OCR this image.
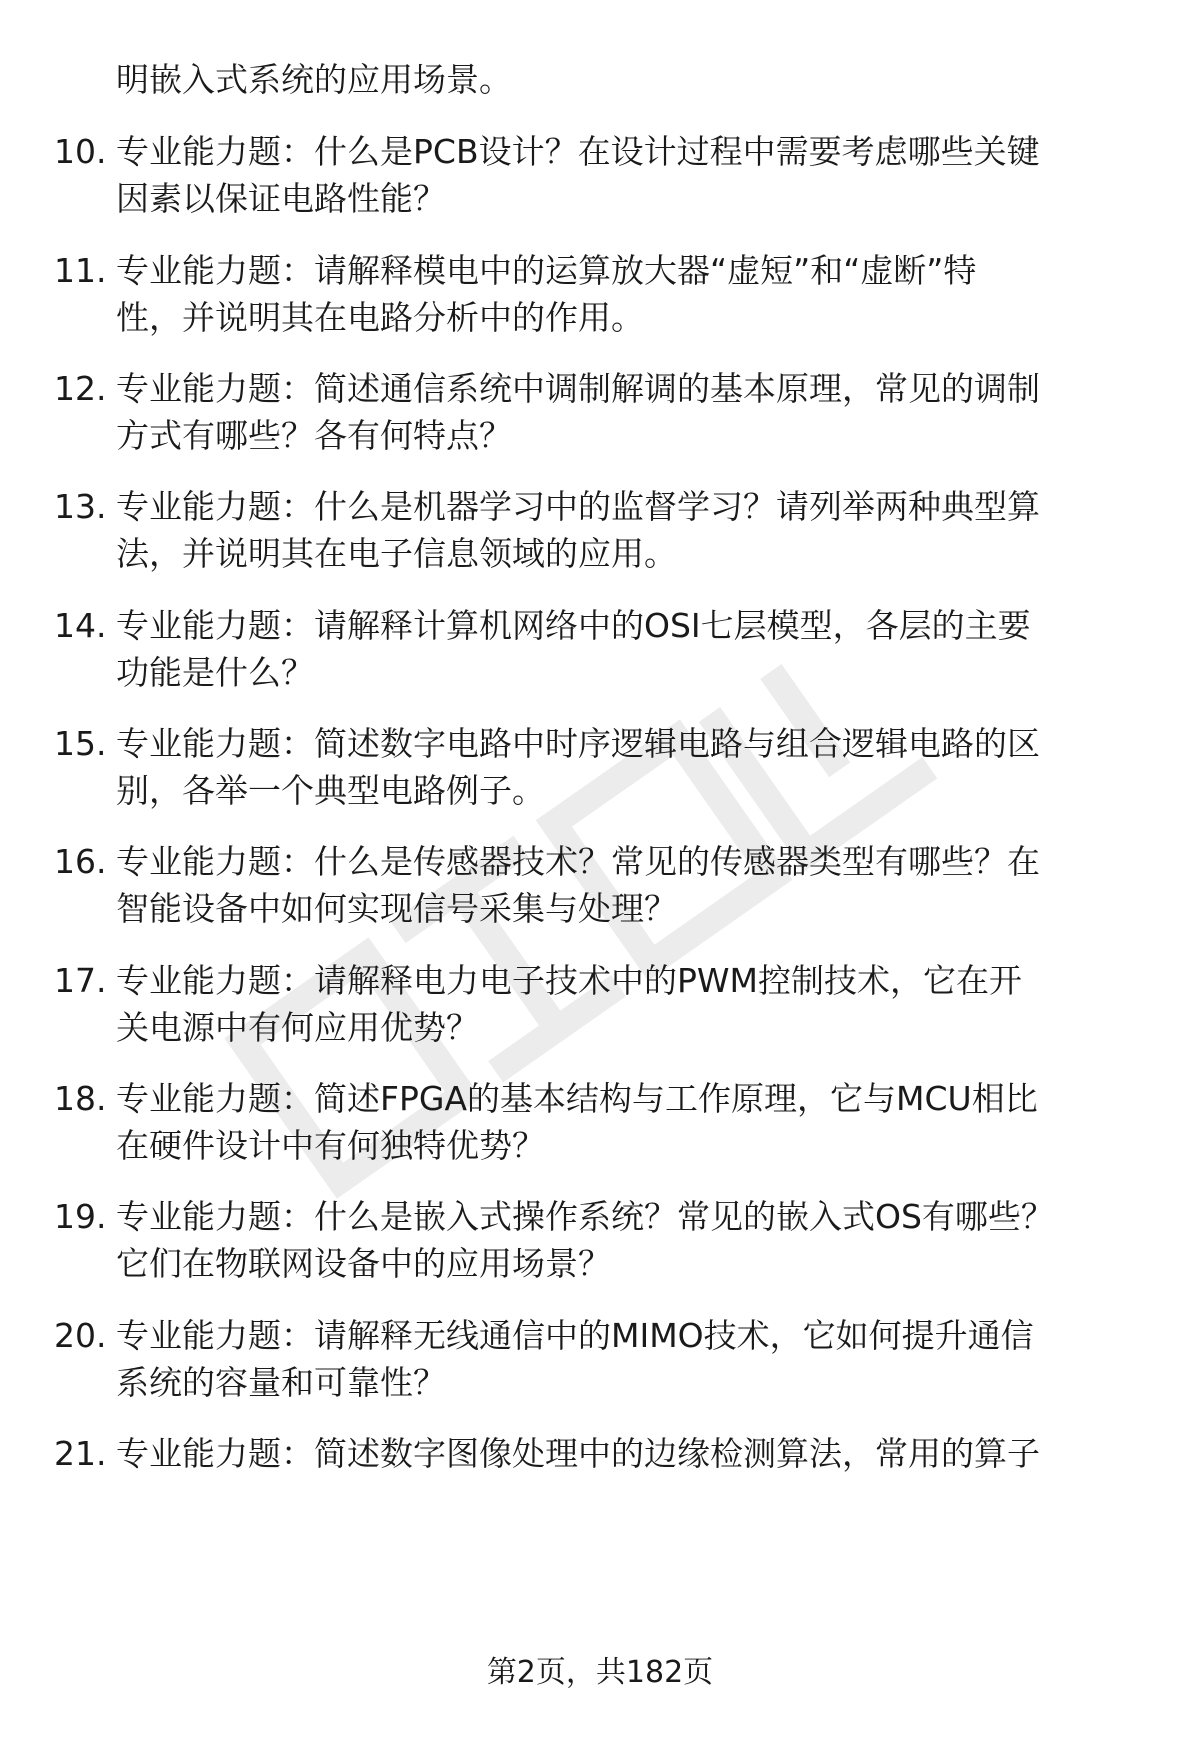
明嵌入式系统的应用场景。
10. 专业能力题：什么是PCB设计？在设计过程中需要考虑哪些关键
因素以保证电路性能？
11. 专业能力题：请解释模电中的运算放大器“虚短”和“虚断”特
性，并说明其在电路分析中的作用。
12. 专业能力题：简述通信系统中调制解调的基本原理，常见的调制
方式有哪些？各有何特点？
13. 专业能力题：什么是机器学习中的监督学习？请列举两种典型算
法，并说明其在电子信息领域的应用。
14. 专业能力题：请解释计算机网络中的OSI七层模型，各层的主要
功能是什么？
15. 专业能力题：简述数字电路中时序逻辑电路与组合逻辑电路的区
别，各举一个典型电路例子。
16. 专业能力题：什么是传感器技术？常见的传感器类型有哪些？在
智能设备中如何实现信号采集与处理？
17. 专业能力题：请解释电力电子技术中的PWM控制技术，它在开
关电源中有何应用优势？
18. 专业能力题：简述FPGA的基本结构与工作原理，它与MCU相比
在硬件设计中有何独特优势？
19. 专业能力题：什么是嵌入式操作系统？常见的嵌入式OS有哪些？
它们在物联网设备中的应用场景？
20. 专业能力题：请解释无线通信中的MIMO技术，它如何提升通信
系统的容量和可靠性？
21. 专业能力题：简述数字图像处理中的边缘检测算法，常用的算子
第2页，共182页
